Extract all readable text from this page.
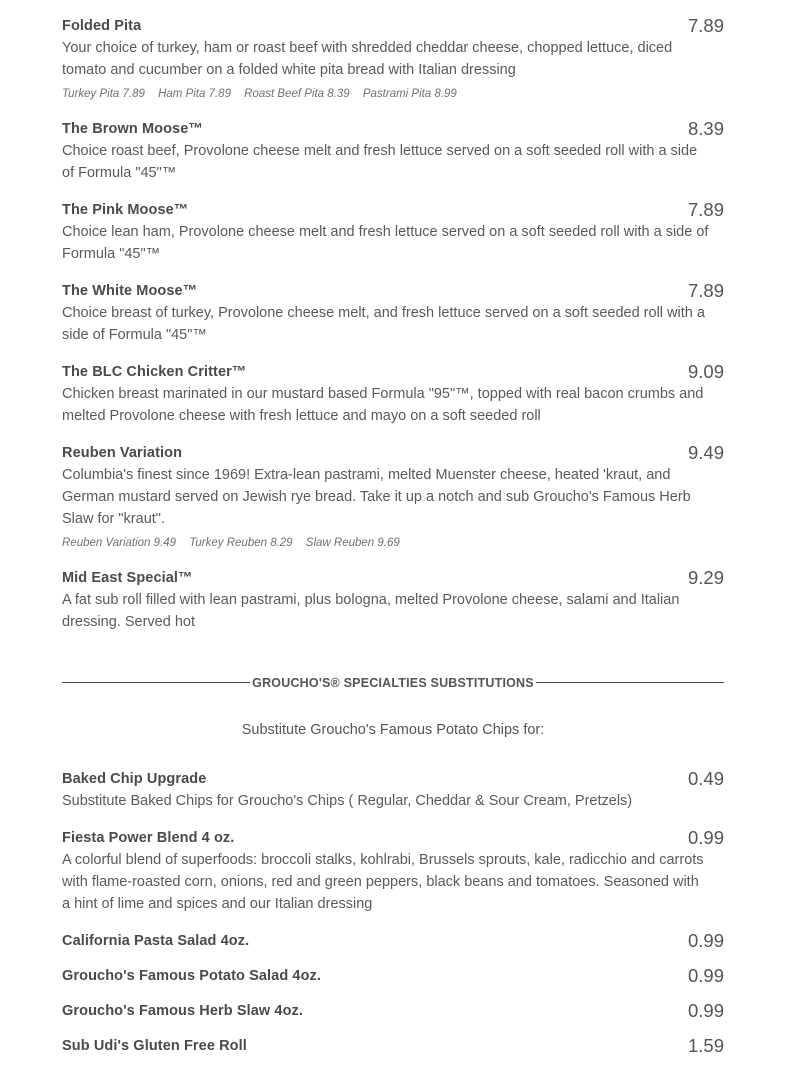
Folded Pita	7.89
Your choice of turkey, ham or roast beef with shredded cheddar cheese, chopped lettuce, diced tomato and cucumber on a folded white pita bread with Italian dressing
Turkey Pita 7.89 Ham Pita 7.89 Roast Beef Pita 8.39 Pastrami Pita 8.99
The Brown Moose™	8.39
Choice roast beef, Provolone cheese melt and fresh lettuce served on a soft seeded roll with a side of Formula "45"™
The Pink Moose™	7.89
Choice lean ham, Provolone cheese melt and fresh lettuce served on a soft seeded roll with a side of Formula "45"™
The White Moose™	7.89
Choice breast of turkey, Provolone cheese melt, and fresh lettuce served on a soft seeded roll with a side of Formula "45"™
The BLC Chicken Critter™	9.09
Chicken breast marinated in our mustard based Formula "95"™, topped with real bacon crumbs and melted Provolone cheese with fresh lettuce and mayo on a soft seeded roll
Reuben Variation	9.49
Columbia's finest since 1969! Extra-lean pastrami, melted Muenster cheese, heated 'kraut, and German mustard served on Jewish rye bread. Take it up a notch and sub Groucho's Famous Herb Slaw for "kraut".
Reuben Variation 9.49 Turkey Reuben 8.29 Slaw Reuben 9.69
Mid East Special™	9.29
A fat sub roll filled with lean pastrami, plus bologna, melted Provolone cheese, salami and Italian dressing. Served hot
GROUCHO'S® SPECIALTIES SUBSTITUTIONS
Substitute Groucho's Famous Potato Chips for:
Baked Chip Upgrade	0.49
Substitute Baked Chips for Groucho's Chips ( Regular, Cheddar & Sour Cream, Pretzels)
Fiesta Power Blend 4 oz.	0.99
A colorful blend of superfoods: broccoli stalks, kohlrabi, Brussels sprouts, kale, radicchio and carrots with flame-roasted corn, onions, red and green peppers, black beans and tomatoes. Seasoned with a hint of lime and spices and our Italian dressing
California Pasta Salad 4oz.	0.99
Groucho's Famous Potato Salad 4oz.	0.99
Groucho's Famous Herb Slaw 4oz.	0.99
Sub Udi's Gluten Free Roll	1.59
